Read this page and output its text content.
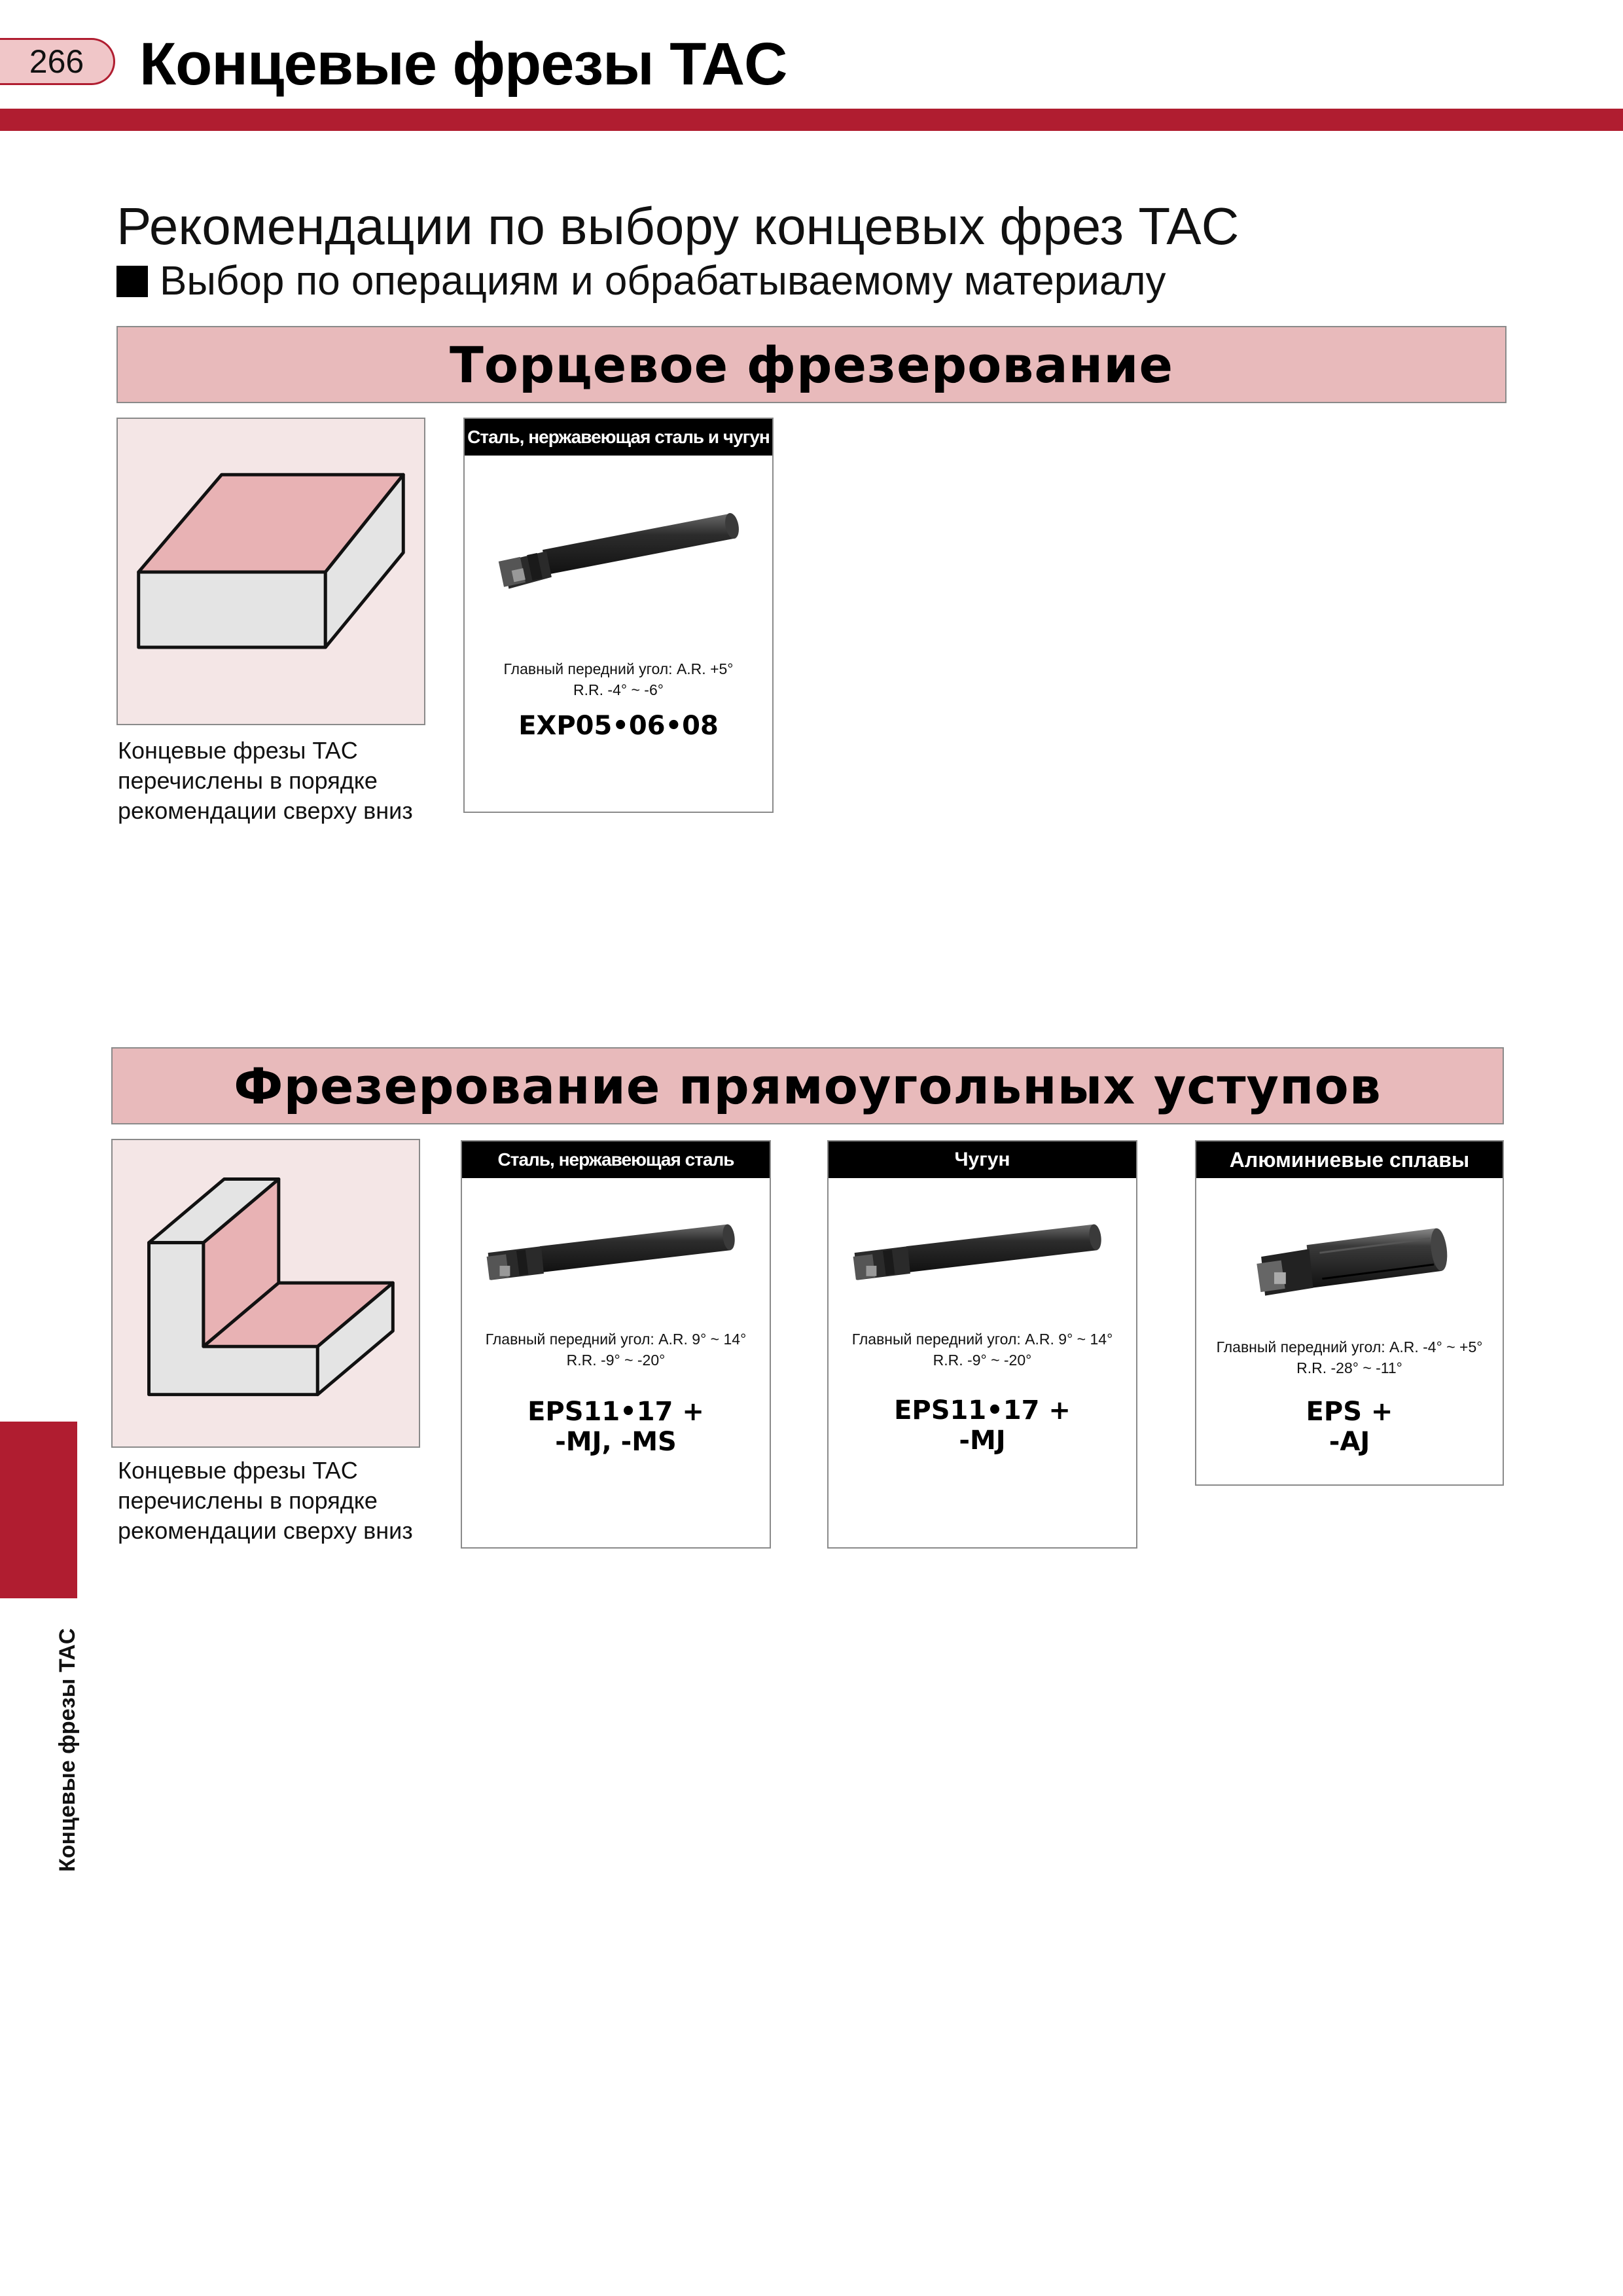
266 Концевые фрезы TAC
Концевые фрезы TAC
Рекомендации по выбору концевых фрез TAC
Выбор по операциям и обрабатываемому материалу
Торцевое фрезерование
Концевые фрезы TAC перечислены в порядке рекомендации сверху вниз
Сталь, нержавеющая сталь и чугун
Главный передний угол: A.R. +5°
R.R. -4° ~ -6°
EXP05•06•08
Фрезерование прямоугольных уступов
Концевые фрезы TAC перечислены в порядке рекомендации сверху вниз
Сталь, нержавеющая сталь
Главный передний угол: A.R. 9° ~ 14°
R.R. -9° ~ -20°
EPS11•17 +
-MJ, -MS
Чугун
Главный передний угол: A.R. 9° ~ 14°
R.R. -9° ~ -20°
EPS11•17 +
-MJ
Алюминиевые сплавы
Главный передний угол: A.R. -4° ~ +5°
R.R. -28° ~ -11°
EPS +
-AJ
